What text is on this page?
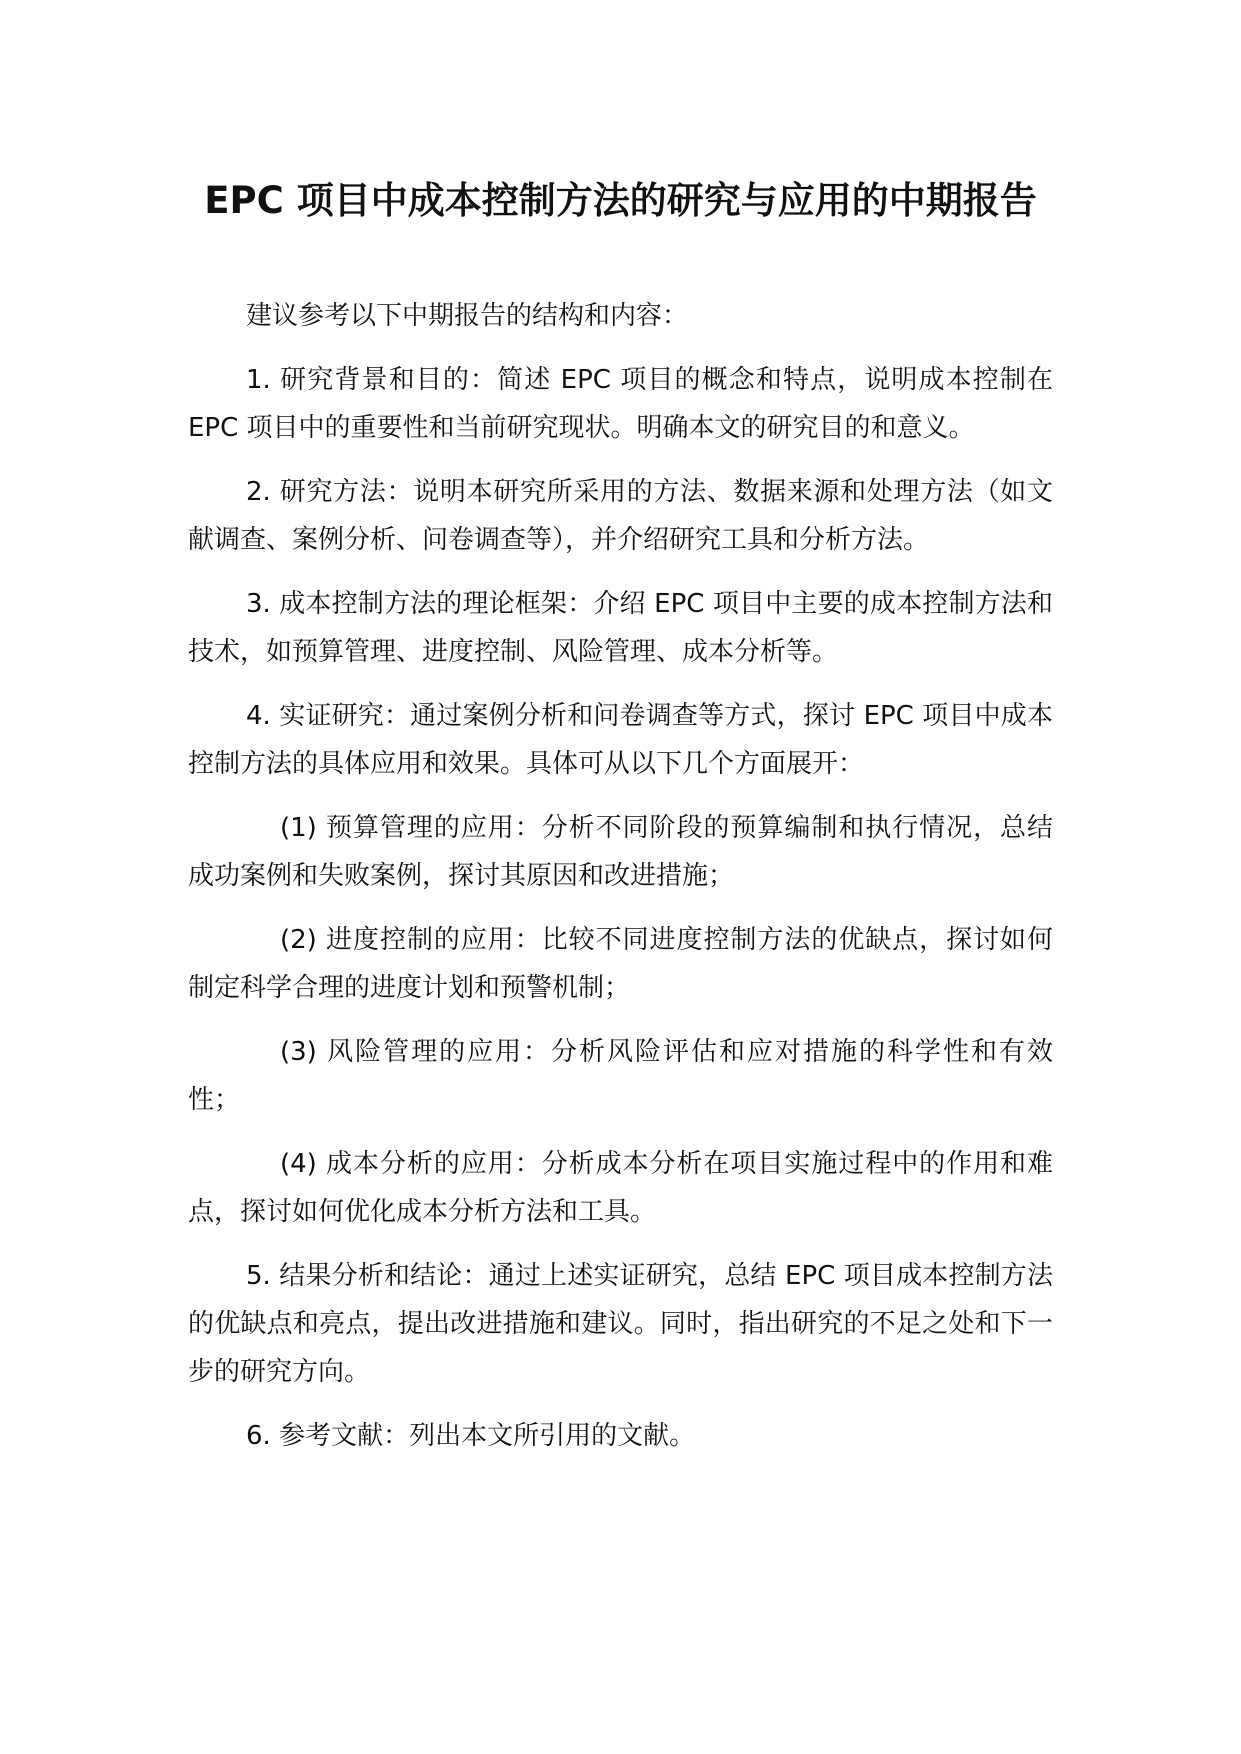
EPC 项目中成本控制方法的研究与应用的中期报告

建议参考以下中期报告的结构和内容：

1. 研究背景和目的：简述 EPC 项目的概念和特点，说明成本控制在 EPC 项目中的重要性和当前研究现状。明确本文的研究目的和意义。

2. 研究方法：说明本研究所采用的方法、数据来源和处理方法（如文献调查、案例分析、问卷调查等），并介绍研究工具和分析方法。

3. 成本控制方法的理论框架：介绍 EPC 项目中主要的成本控制方法和技术，如预算管理、进度控制、风险管理、成本分析等。

4. 实证研究：通过案例分析和问卷调查等方式，探讨 EPC 项目中成本控制方法的具体应用和效果。具体可从以下几个方面展开：

(1) 预算管理的应用：分析不同阶段的预算编制和执行情况，总结成功案例和失败案例，探讨其原因和改进措施；

(2) 进度控制的应用：比较不同进度控制方法的优缺点，探讨如何制定科学合理的进度计划和预警机制；

(3) 风险管理的应用：分析风险评估和应对措施的科学性和有效性；

(4) 成本分析的应用：分析成本分析在项目实施过程中的作用和难点，探讨如何优化成本分析方法和工具。

5. 结果分析和结论：通过上述实证研究，总结 EPC 项目成本控制方法的优缺点和亮点，提出改进措施和建议。同时，指出研究的不足之处和下一步的研究方向。

6. 参考文献：列出本文所引用的文献。
